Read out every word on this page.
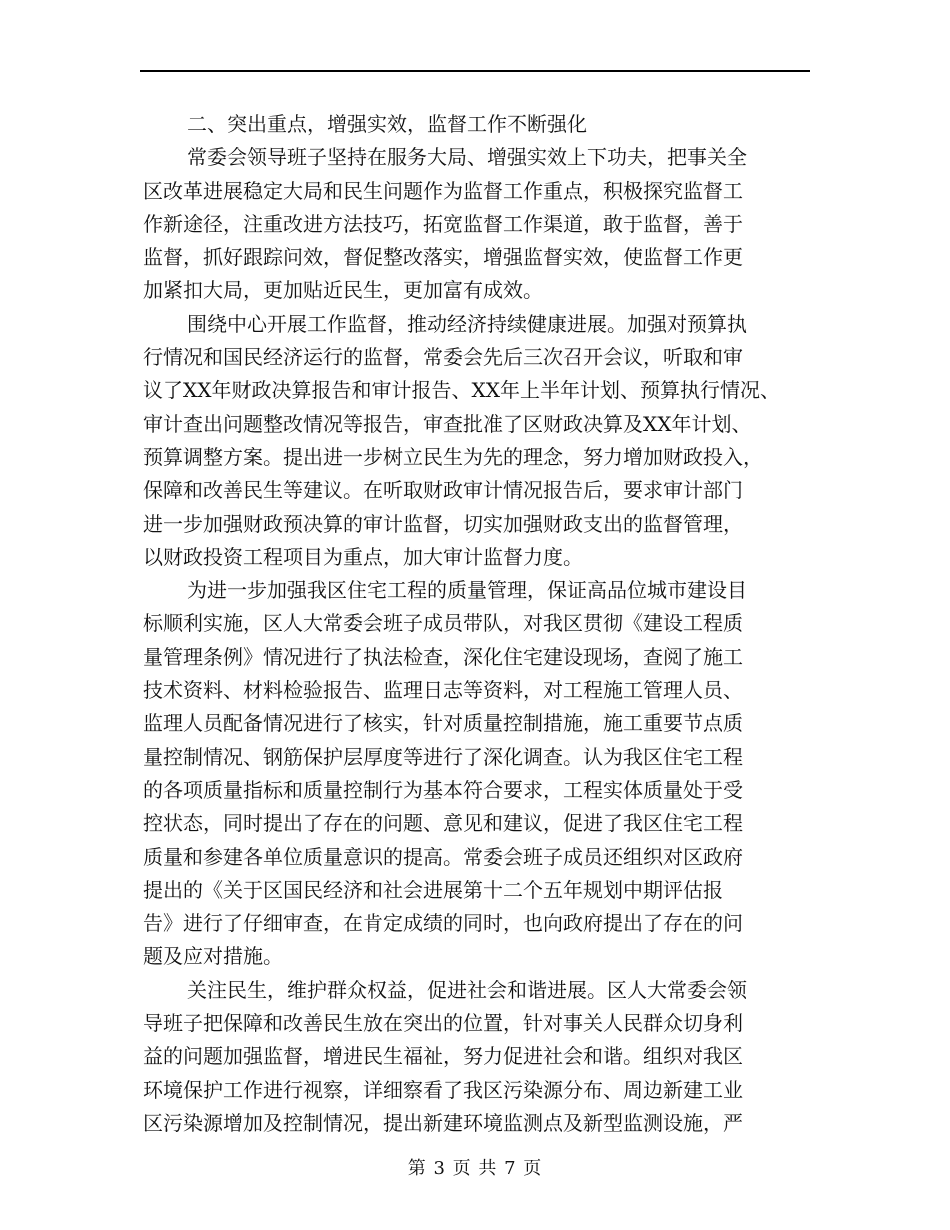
二、突出重点，增强实效，监督工作不断强化
常委会领导班子坚持在服务大局、增强实效上下功夫，把事关全
区改革进展稳定大局和民生问题作为监督工作重点，积极探究监督工
作新途径，注重改进方法技巧，拓宽监督工作渠道，敢于监督，善于
监督，抓好跟踪问效，督促整改落实，增强监督实效，使监督工作更
加紧扣大局，更加贴近民生，更加富有成效。
围绕中心开展工作监督，推动经济持续健康进展。加强对预算执
行情况和国民经济运行的监督，常委会先后三次召开会议，听取和审
议了XX年财政决算报告和审计报告、XX年上半年计划、预算执行情况、
审计查出问题整改情况等报告，审查批准了区财政决算及XX年计划、
预算调整方案。提出进一步树立民生为先的理念，努力增加财政投入，
保障和改善民生等建议。在听取财政审计情况报告后，要求审计部门
进一步加强财政预决算的审计监督，切实加强财政支出的监督管理，
以财政投资工程项目为重点，加大审计监督力度。
为进一步加强我区住宅工程的质量管理，保证高品位城市建设目
标顺利实施，区人大常委会班子成员带队，对我区贯彻《建设工程质
量管理条例》情况进行了执法检查，深化住宅建设现场，查阅了施工
技术资料、材料检验报告、监理日志等资料，对工程施工管理人员、
监理人员配备情况进行了核实，针对质量控制措施，施工重要节点质
量控制情况、钢筋保护层厚度等进行了深化调查。认为我区住宅工程
的各项质量指标和质量控制行为基本符合要求，工程实体质量处于受
控状态，同时提出了存在的问题、意见和建议，促进了我区住宅工程
质量和参建各单位质量意识的提高。常委会班子成员还组织对区政府
提出的《关于区国民经济和社会进展第十二个五年规划中期评估报
告》进行了仔细审查，在肯定成绩的同时，也向政府提出了存在的问
题及应对措施。
关注民生，维护群众权益，促进社会和谐进展。区人大常委会领
导班子把保障和改善民生放在突出的位置，针对事关人民群众切身利
益的问题加强监督，增进民生福祉，努力促进社会和谐。组织对我区
环境保护工作进行视察，详细察看了我区污染源分布、周边新建工业
区污染源增加及控制情况，提出新建环境监测点及新型监测设施，严
第 3 页 共 7 页
